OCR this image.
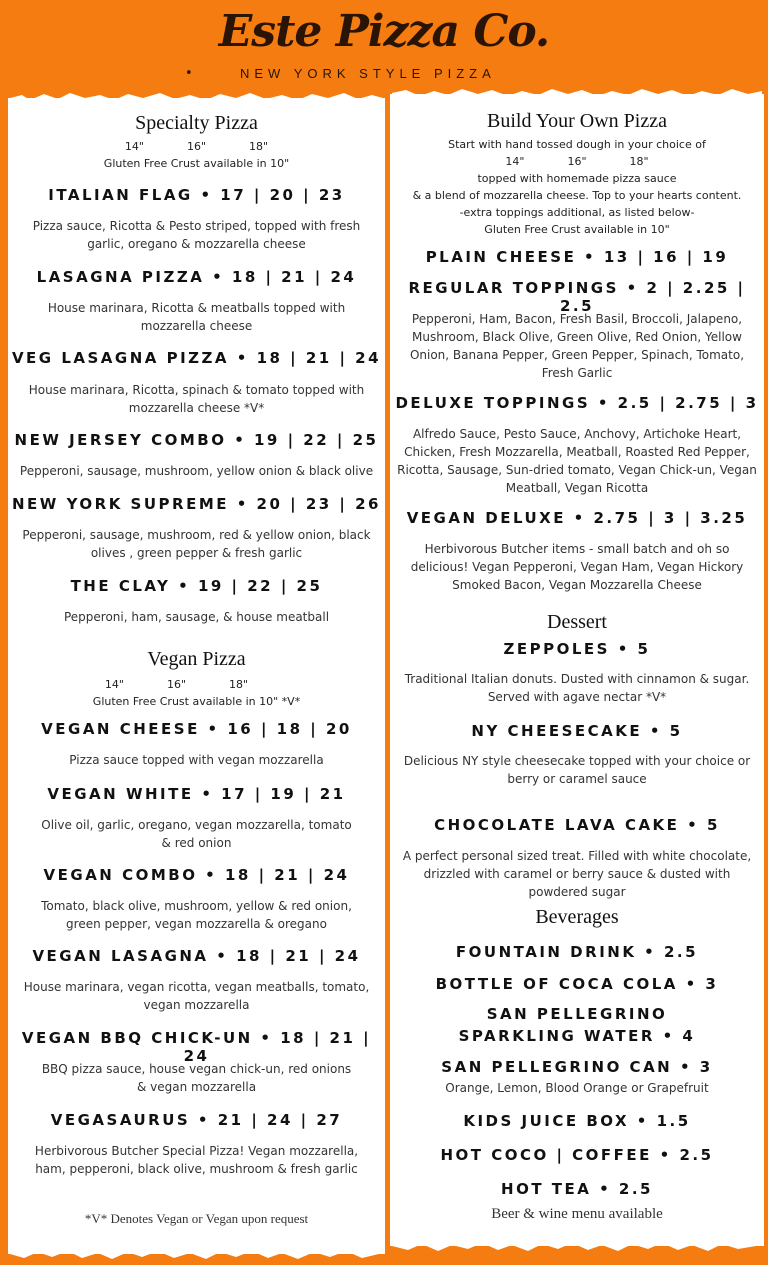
Este Pizza Co.
•	NEW YORK STYLE PIZZA
Specialty Pizza
14"	16"	18"
Gluten Free Crust available in 10"
ITALIAN FLAG • 17 | 20 | 23
Pizza sauce, Ricotta & Pesto striped, topped with fresh garlic, oregano & mozzarella cheese
LASAGNA PIZZA • 18 | 21 | 24
House marinara, Ricotta & meatballs topped with mozzarella cheese
VEG LASAGNA PIZZA • 18 | 21 | 24
House marinara, Ricotta, spinach & tomato topped with mozzarella cheese *V*
NEW JERSEY COMBO • 19 | 22 | 25
Pepperoni, sausage, mushroom, yellow onion & black olive
NEW YORK SUPREME • 20 | 23 | 26
Pepperoni, sausage, mushroom, red & yellow onion, black olives , green pepper & fresh garlic
THE CLAY • 19 | 22 | 25
Pepperoni, ham, sausage, & house meatball
Vegan Pizza
14"	16"	18"
Gluten Free Crust available in 10" *V*
VEGAN CHEESE • 16 | 18 | 20
Pizza sauce topped with vegan mozzarella
VEGAN WHITE • 17 | 19 | 21
Olive oil, garlic, oregano, vegan mozzarella, tomato & red onion
VEGAN COMBO • 18 | 21 | 24
Tomato, black olive, mushroom, yellow & red onion, green pepper, vegan mozzarella & oregano
VEGAN LASAGNA • 18 | 21 | 24
House marinara, vegan ricotta, vegan meatballs, tomato, vegan mozzarella
VEGAN BBQ CHICK-UN • 18 | 21 | 24
BBQ pizza sauce, house vegan chick-un, red onions & vegan mozzarella
VEGASAURUS • 21 | 24 | 27
Herbivorous Butcher Special Pizza! Vegan mozzarella, ham, pepperoni, black olive, mushroom & fresh garlic
*V* Denotes Vegan or Vegan upon request
Build Your Own Pizza
Start with hand tossed dough in your choice of
14"	16"	18"
topped with homemade pizza sauce
& a blend of mozzarella cheese. Top to your hearts content.
-extra toppings additional, as listed below-
Gluten Free Crust available in 10"
PLAIN CHEESE • 13 | 16 | 19
REGULAR TOPPINGS • 2 | 2.25 | 2.5
Pepperoni, Ham, Bacon, Fresh Basil, Broccoli, Jalapeno, Mushroom, Black Olive, Green Olive, Red Onion, Yellow Onion, Banana Pepper, Green Pepper, Spinach, Tomato, Fresh Garlic
DELUXE TOPPINGS • 2.5 | 2.75 | 3
Alfredo Sauce, Pesto Sauce, Anchovy, Artichoke Heart, Chicken, Fresh Mozzarella, Meatball, Roasted Red Pepper, Ricotta, Sausage, Sun-dried tomato, Vegan Chick-un, Vegan Meatball, Vegan Ricotta
VEGAN DELUXE • 2.75 | 3 | 3.25
Herbivorous Butcher items - small batch and oh so delicious! Vegan Pepperoni, Vegan Ham, Vegan Hickory Smoked Bacon, Vegan Mozzarella Cheese
Dessert
ZEPPOLES • 5
Traditional Italian donuts. Dusted with cinnamon & sugar. Served with agave nectar *V*
NY CHEESECAKE • 5
Delicious NY style cheesecake topped with your choice or berry or caramel sauce
CHOCOLATE LAVA CAKE • 5
A perfect personal sized treat. Filled with white chocolate, drizzled with caramel or berry sauce & dusted with powdered sugar
Beverages
FOUNTAIN DRINK • 2.5
BOTTLE OF COCA COLA • 3
SAN PELLEGRINO
SPARKLING WATER • 4
SAN PELLEGRINO CAN • 3
Orange, Lemon, Blood Orange or Grapefruit
KIDS JUICE BOX • 1.5
HOT COCO | COFFEE • 2.5
HOT TEA • 2.5
Beer & wine menu available
